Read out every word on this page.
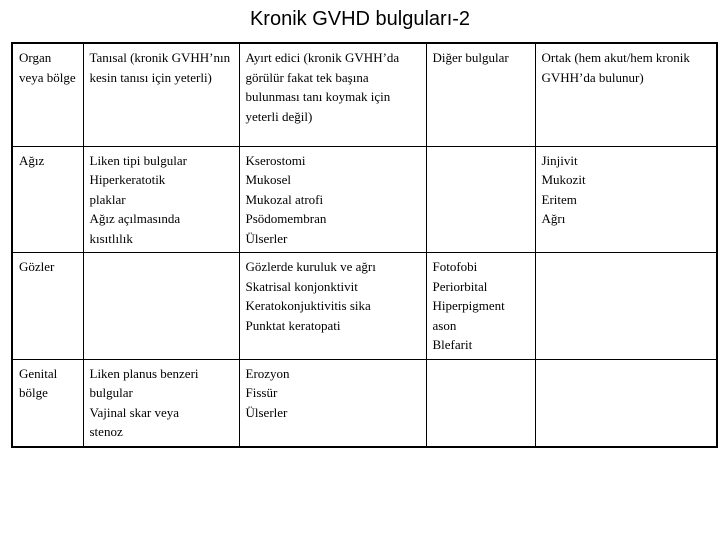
Kronik GVHD bulguları-2
Organ veya bölge	Tanısal (kronik GVHH’nın kesin tanısı için yeterli)	Ayırt edici (kronik GVHH’da görülür fakat tek başına bulunması tanı koymak için yeterli değil)	Diğer bulgular	Ortak (hem akut/hem kronik GVHH’da bulunur)

Ağız	Liken tipi bulgular
Hiperkeratotik
plaklar
Ağız açılmasında
kısıtlılık	Kserostomi
Mukosel
Mukozal atrofi
Psödomembran
Ülserler		Jinjivit
Mukozit
Eritem
Ağrı

Gözler		Gözlerde kuruluk ve ağrı
Skatrisal konjonktivit
Keratokonjuktivitis sika
Punktat keratopati	Fotofobi
Periorbital
Hiperpigment
ason
Blefarit	

Genital bölge	Liken planus benzeri
bulgular
Vajinal skar veya
stenoz	Erozyon
Fissür
Ülserler		
